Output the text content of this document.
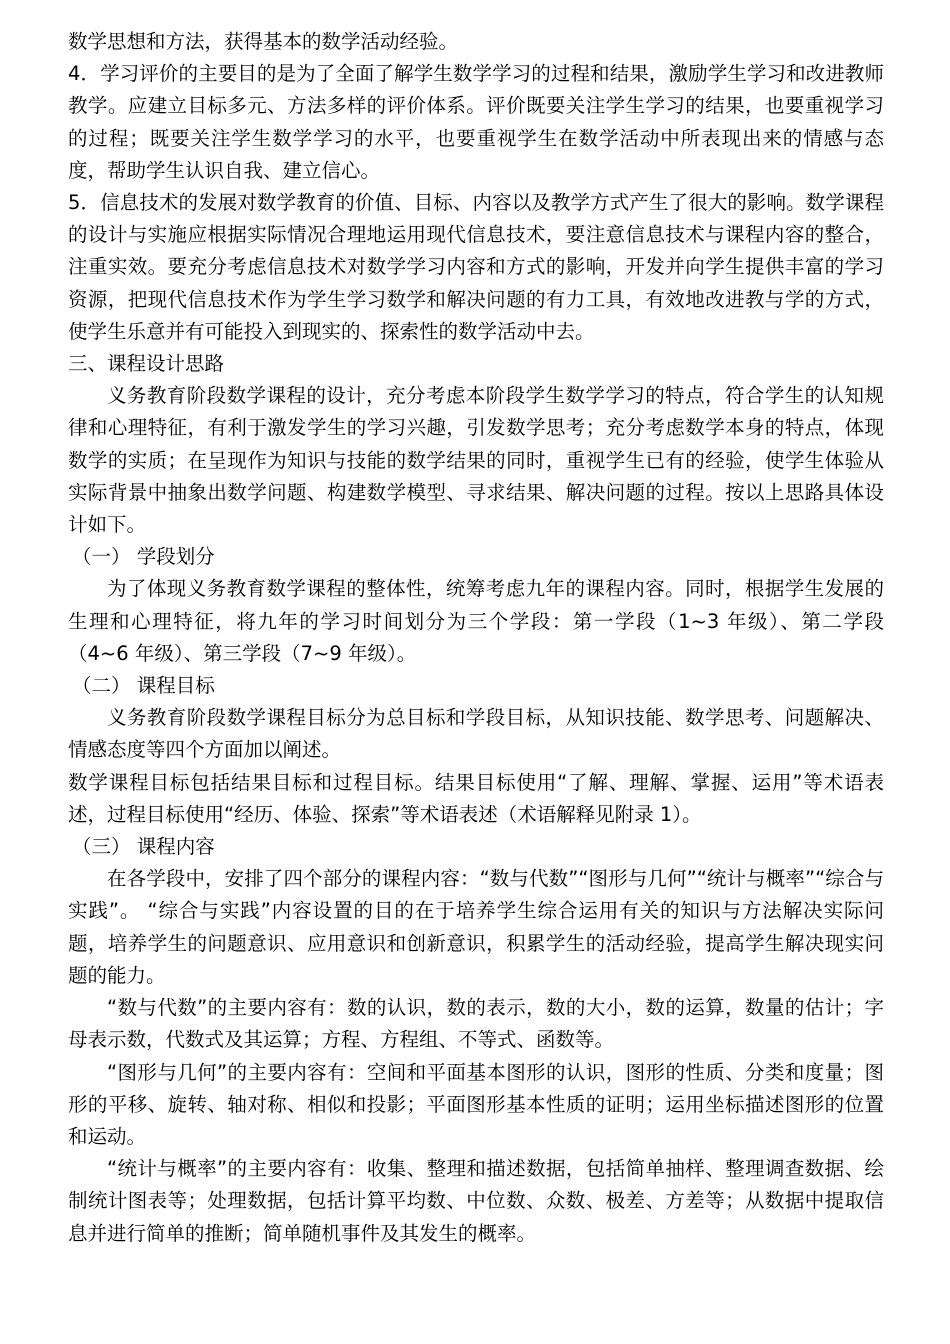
数学思想和方法，获得基本的数学活动经验。

4．学习评价的主要目的是为了全面了解学生数学学习的过程和结果，激励学生学习和改进教师教学。应建立目标多元、方法多样的评价体系。评价既要关注学生学习的结果，也要重视学习的过程；既要关注学生数学学习的水平，也要重视学生在数学活动中所表现出来的情感与态度，帮助学生认识自我、建立信心。

5．信息技术的发展对数学教育的价值、目标、内容以及教学方式产生了很大的影响。数学课程的设计与实施应根据实际情况合理地运用现代信息技术，要注意信息技术与课程内容的整合，注重实效。要充分考虑信息技术对数学学习内容和方式的影响，开发并向学生提供丰富的学习资源，把现代信息技术作为学生学习数学和解决问题的有力工具，有效地改进教与学的方式，使学生乐意并有可能投入到现实的、探索性的数学活动中去。

三、课程设计思路

义务教育阶段数学课程的设计，充分考虑本阶段学生数学学习的特点，符合学生的认知规律和心理特征，有利于激发学生的学习兴趣，引发数学思考；充分考虑数学本身的特点，体现数学的实质；在呈现作为知识与技能的数学结果的同时，重视学生已有的经验，使学生体验从实际背景中抽象出数学问题、构建数学模型、寻求结果、解决问题的过程。按以上思路具体设计如下。

（一） 学段划分

为了体现义务教育数学课程的整体性，统筹考虑九年的课程内容。同时，根据学生发展的生理和心理特征，将九年的学习时间划分为三个学段：第一学段（1~3 年级）、第二学段（4~6 年级）、第三学段（7~9 年级）。

（二） 课程目标

义务教育阶段数学课程目标分为总目标和学段目标，从知识技能、数学思考、问题解决、情感态度等四个方面加以阐述。

数学课程目标包括结果目标和过程目标。结果目标使用“了解、理解、掌握、运用”等术语表述，过程目标使用“经历、体验、探索”等术语表述（术语解释见附录 1）。

（三） 课程内容

在各学段中，安排了四个部分的课程内容：“数与代数”“图形与几何”“统计与概率”“综合与实践”。 “综合与实践”内容设置的目的在于培养学生综合运用有关的知识与方法解决实际问题，培养学生的问题意识、应用意识和创新意识，积累学生的活动经验，提高学生解决现实问题的能力。

“数与代数”的主要内容有：数的认识，数的表示，数的大小，数的运算，数量的估计；字母表示数，代数式及其运算；方程、方程组、不等式、函数等。

“图形与几何”的主要内容有：空间和平面基本图形的认识，图形的性质、分类和度量；图形的平移、旋转、轴对称、相似和投影；平面图形基本性质的证明；运用坐标描述图形的位置和运动。

“统计与概率”的主要内容有：收集、整理和描述数据，包括简单抽样、整理调查数据、绘制统计图表等；处理数据，包括计算平均数、中位数、众数、极差、方差等；从数据中提取信息并进行简单的推断；简单随机事件及其发生的概率。
